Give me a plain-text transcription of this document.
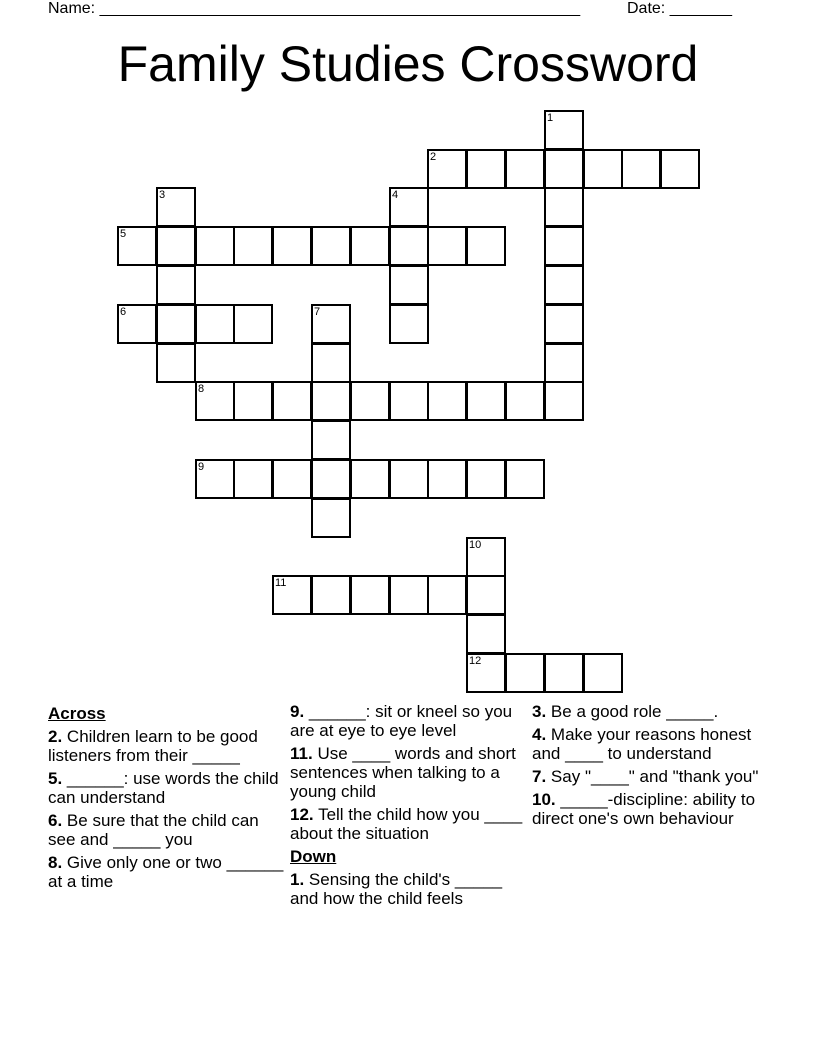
Name: ______________________________________________________	Date: _______
Family Studies Crossword
1
2
3	4
5
6	7
8
9
10
11
12
Across
2. Children learn to be good listeners from their _____
5. ______: use words the child can understand
6. Be sure that the child can see and _____ you
8. Give only one or two ______ at a time
9. ______: sit or kneel so you are at eye to eye level
11. Use ____ words and short sentences when talking to a young child
12. Tell the child how you ____ about the situation
Down
1. Sensing the child's _____ and how the child feels
3. Be a good role _____.
4. Make your reasons honest and ____ to understand
7. Say "____" and "thank you"
10. _____-discipline: ability to direct one's own behaviour
